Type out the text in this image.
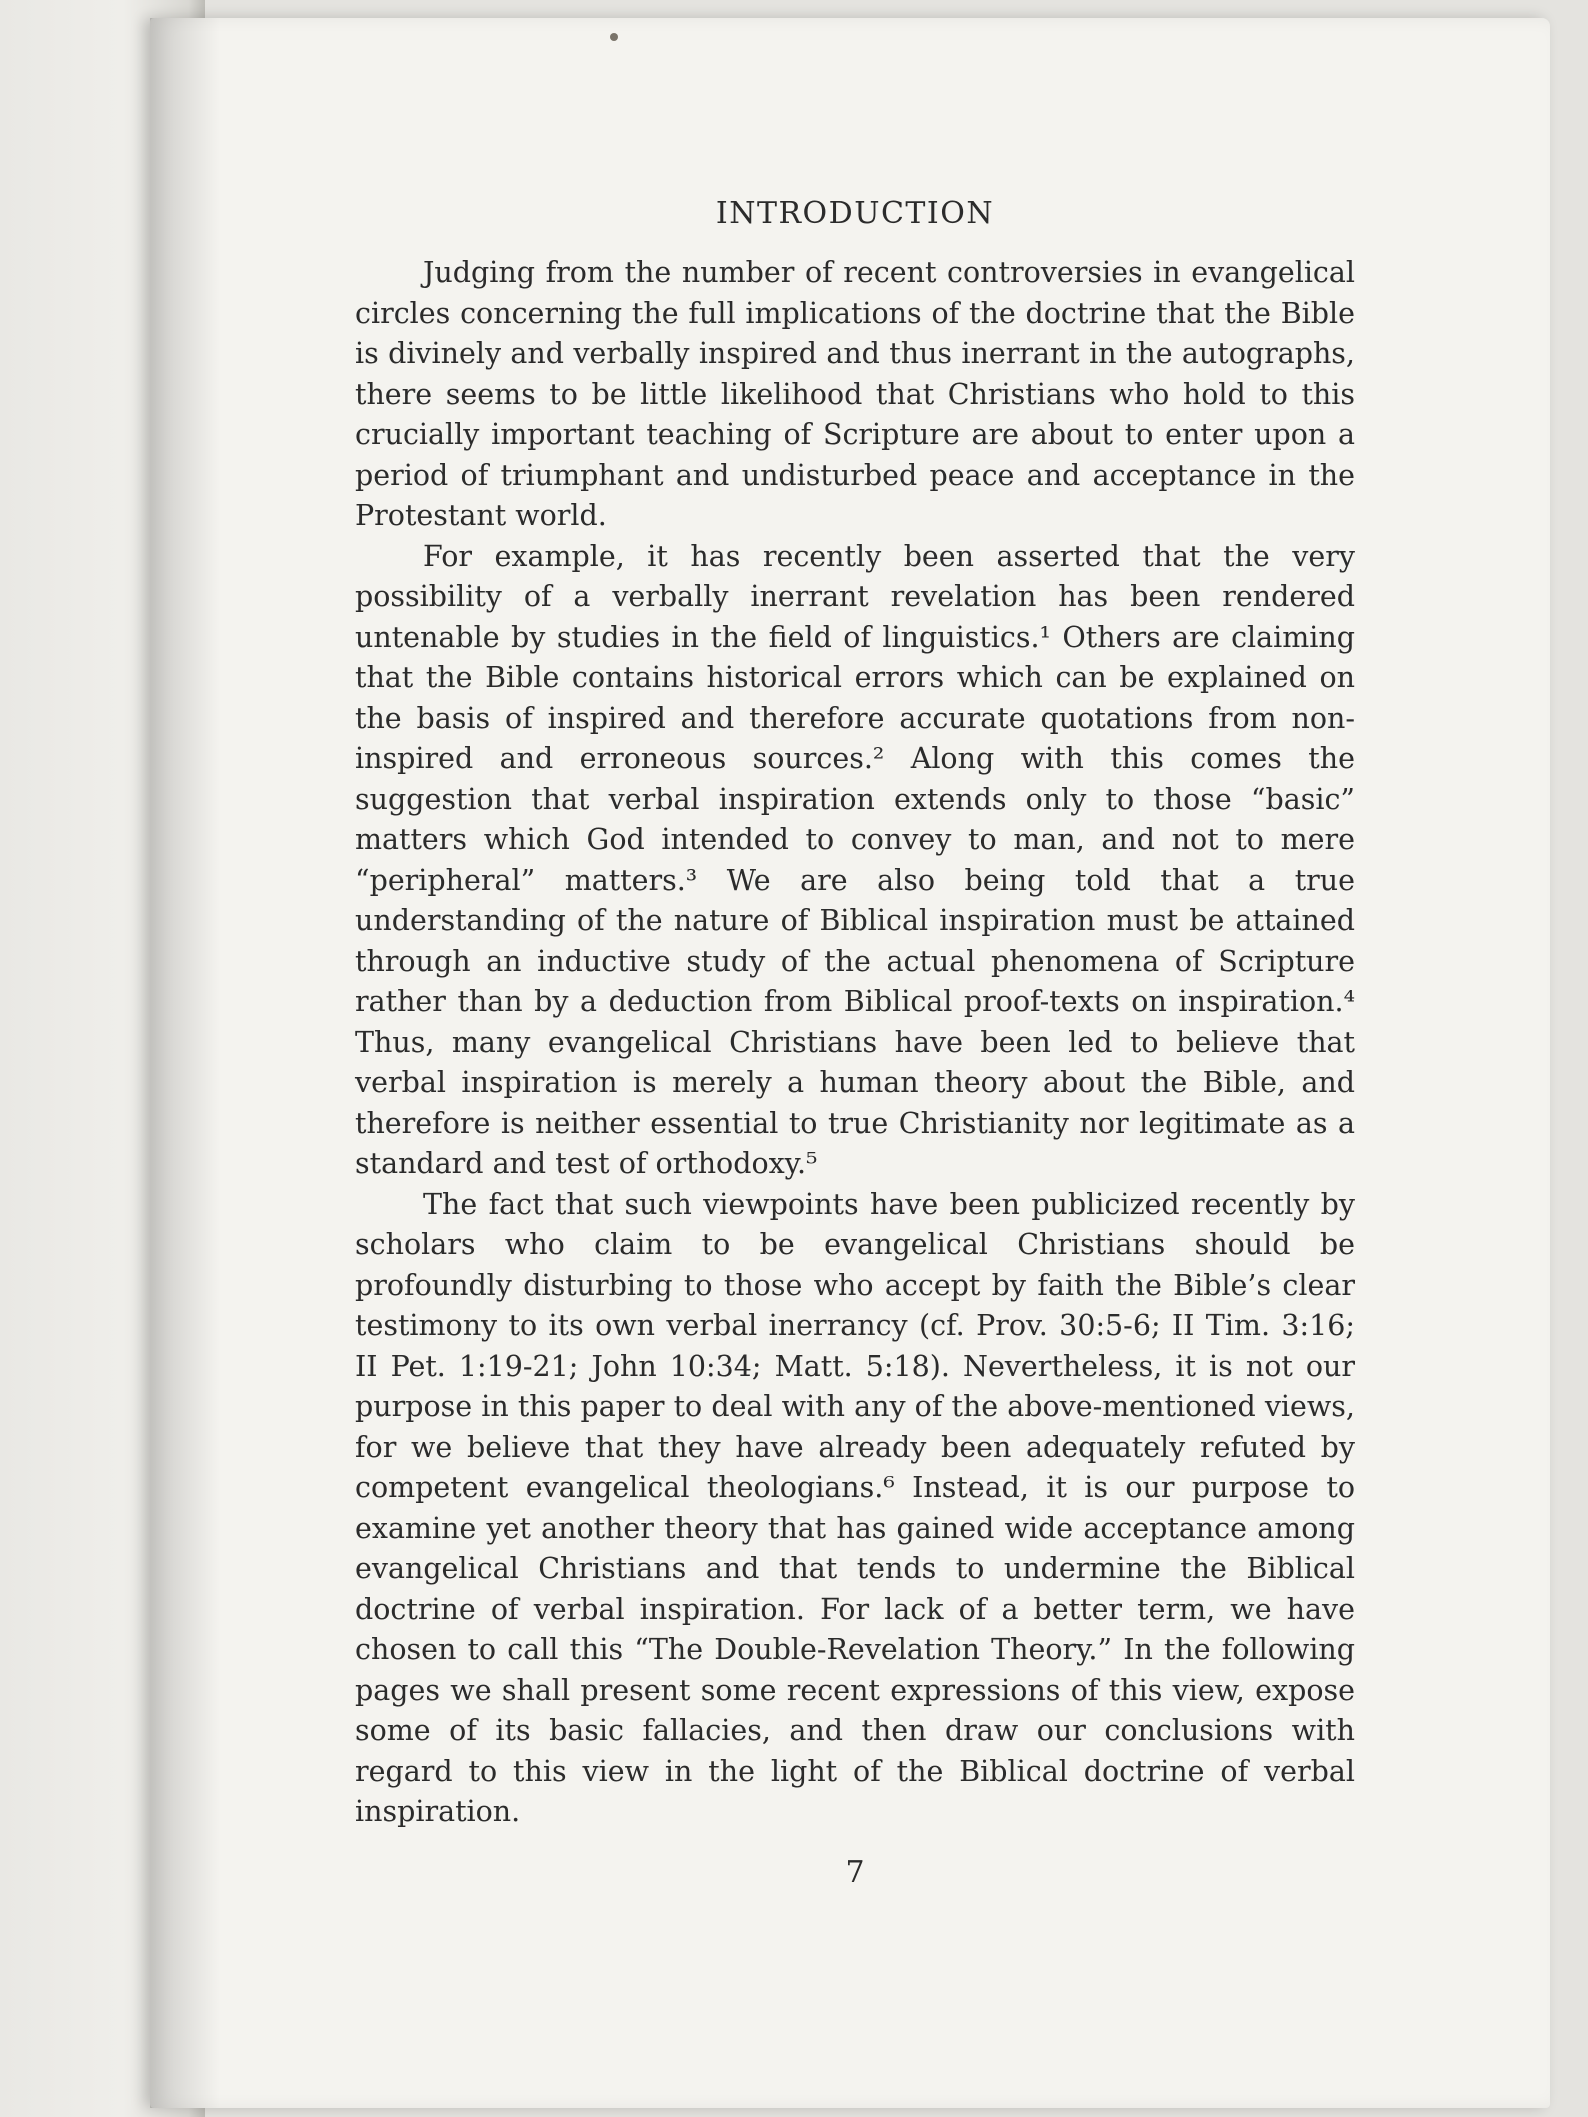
INTRODUCTION

Judging from the number of recent controversies in evangelical circles concerning the full implications of the doctrine that the Bible is divinely and verbally inspired and thus inerrant in the autographs, there seems to be little likelihood that Christians who hold to this crucially important teaching of Scripture are about to enter upon a period of triumphant and undisturbed peace and acceptance in the Protestant world.

For example, it has recently been asserted that the very possibility of a verbally inerrant revelation has been rendered untenable by studies in the field of linguistics.¹ Others are claiming that the Bible contains historical errors which can be explained on the basis of inspired and therefore accurate quotations from non-inspired and erroneous sources.² Along with this comes the suggestion that verbal inspiration extends only to those “basic” matters which God intended to convey to man, and not to mere “peripheral” matters.³ We are also being told that a true understanding of the nature of Biblical inspiration must be attained through an inductive study of the actual phenomena of Scripture rather than by a deduction from Biblical proof-texts on inspiration.⁴ Thus, many evangelical Christians have been led to believe that verbal inspiration is merely a human theory about the Bible, and therefore is neither essential to true Christianity nor legitimate as a standard and test of orthodoxy.⁵

The fact that such viewpoints have been publicized recently by scholars who claim to be evangelical Christians should be profoundly disturbing to those who accept by faith the Bible’s clear testimony to its own verbal inerrancy (cf. Prov. 30:5-6; II Tim. 3:16; II Pet. 1:19-21; John 10:34; Matt. 5:18). Nevertheless, it is not our purpose in this paper to deal with any of the above-mentioned views, for we believe that they have already been adequately refuted by competent evangelical theologians.⁶ Instead, it is our purpose to examine yet another theory that has gained wide acceptance among evangelical Christians and that tends to undermine the Biblical doctrine of verbal inspiration. For lack of a better term, we have chosen to call this “The Double-Revelation Theory.” In the following pages we shall present some recent expressions of this view, expose some of its basic fallacies, and then draw our conclusions with regard to this view in the light of the Biblical doctrine of verbal inspiration.

7
